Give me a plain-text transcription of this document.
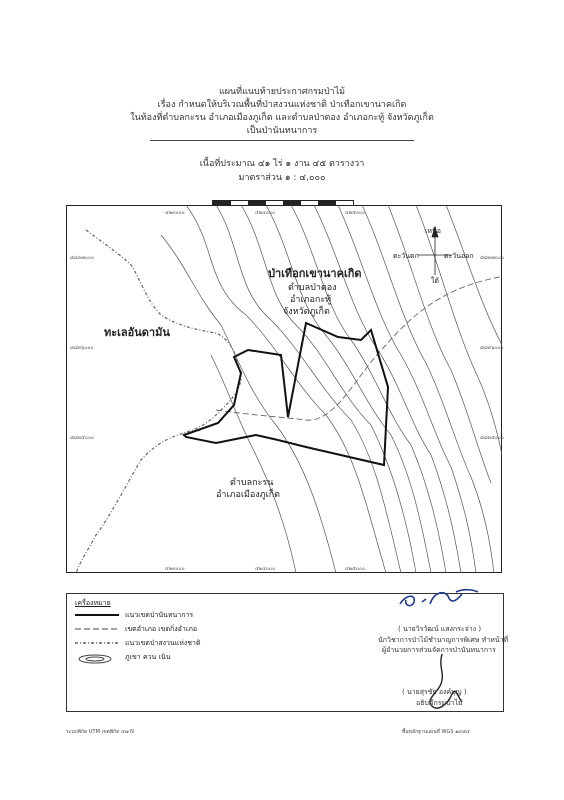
แผนที่แนบท้ายประกาศกรมป่าไม้
เรื่อง กำหนดให้บริเวณพื้นที่ป่าสงวนแห่งชาติ ป่าเทือกเขานาคเกิด
ในท้องที่ตำบลกะรน อำเภอเมืองภูเก็ต และตำบลป่าตอง อำเภอกะทู้ จังหวัดภูเก็ต
เป็นป่านันทนาการ
เนื้อที่ประมาณ ๔๑ ไร่ ๑ งาน ๔๕ ตารางวา
มาตราส่วน ๑ : ๔,๐๐๐
ป่าเทือกเขานาคเกิด
ตำบลป่าตอง
อำเภอกะทู้
จังหวัดภูเก็ต
ทะเลอันดามัน
ตำบลกะรน
อำเภอเมืองภูเก็ต
เหนือ
ตะวันตก	ตะวันออก
ใต้
๔๒๓๐๐๐	๔๒๔๐๐๐	๔๒๕๐๐๐
๔๒๓๐๐๐	๔๒๔๐๐๐	๔๒๕๐๐๐
๘๘๓๗๐๐๐
๘๘๓๖๐๐๐
๘๘๓๕๐๐๐
๘๘๓๗๐๐๐
๘๘๓๖๐๐๐
๘๘๓๕๐๐๐
เครื่องหมาย
แนวเขตป่านันทนาการ
เขตอำเภอ เขตกิ่งอำเภอ
แนวเขตป่าสงวนแห่งชาติ
ภูเขา ควน เนิน
( นายวิรวัฒน์ แสงกระจ่าง )
นักวิชาการป่าไม้ชำนาญการพิเศษ ทำหน้าที่
ผู้อำนวยการส่วนจัดการป่านันทนาการ
( นายสุรชัย องค์บุญ )
อธิบดีกรมป่าไม้
ระบบพิกัด UTM เขตพิกัด ๔๗ N	พื้นหลักฐานแผนที่ WGS ๑๙๘๔
